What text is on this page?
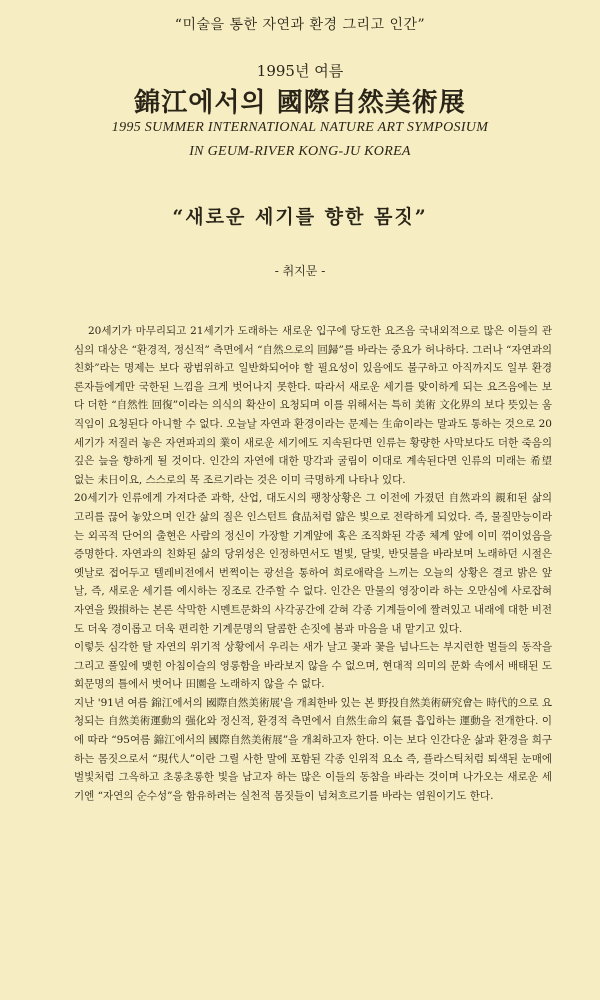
“미술을 통한 자연과 환경 그리고 인간”
1995년 여름
錦江에서의 國際自然美術展
1995 SUMMER INTERNATIONAL NATURE ART SYMPOSIUM
IN GEUM-RIVER KONG-JU KOREA
“새로운 세기를 향한 몸짓”
- 취지문 -

20세기가 마무리되고 21세기가 도래하는 새로운 입구에 당도한 요즈음 국내외적으로 많은 이들의 관심의 대상은 “환경적, 정신적” 측면에서 “自然으로의 回歸”를 바라는 중요가 허나하다. 그러나 “자연과의 친화”라는 명제는 보다 광범위하고 일반화되어야 할 필요성이 있음에도 불구하고 아직까지도 일부 환경론자들에게만 국한된 느낌을 크게 벗어나지 못한다. 따라서 새로운 세기를 맞이하게 되는 요즈음에는 보다 더한 “自然性 回復”이라는 의식의 확산이 요청되며 이를 위해서는 특히 美術 文化界의 보다 뜻있는 움직임이 요청된다 아니할 수 없다. 오늘날 자연과 환경이라는 문제는 生命이라는 말과도 통하는 것으로 20세기가 저질러 놓은 자연파괴의 業이 새로운 세기에도 지속된다면 인류는 황량한 사막보다도 더한 죽음의 깊은 늪을 향하게 될 것이다. 인간의 자연에 대한 망각과 굴림이 이대로 계속된다면 인류의 미래는 希望 없는 未日이요, 스스로의 목 조르기라는 것은 이미 극명하게 나타나 있다.

20세기가 인류에게 가져다준 과학, 산업, 대도시의 팽창상황은 그 이전에 가졌던 自然과의 親和된 삶의 고리를 끊어 놓았으며 인간 삶의 질은 인스턴트 食品처럼 얇은 빛으로 전락하게 되었다. 즉, 물질만능이라는 외곡적 단어의 출현은 사람의 정신이 가장할 기계앞에 혹은 조직화된 각종 체계 앞에 이미 꺾이었음을 증명한다. 자연과의 친화된 삶의 당위성은 인정하면서도 벌빛, 달빛, 반딧불을 바라보며 노래하던 시절은 옛날로 접어두고 텔레비전에서 번쩍이는 광선을 통하여 희로애락을 느끼는 오늘의 상황은 결코 밝은 앞날, 즉, 새로운 세기를 예시하는 징조로 간주할 수 없다. 인간은 만물의 영장이라 하는 오만심에 사로잡혀 자연을 毁損하는 본론 삭막한 시멘트문화의 사각공간에 갇혀 각종 기계들이에 짤려있고 내래에 대한 비전도 더욱 경이롭고 더욱 편리한 기계문명의 달콤한 손짓에 봄과 마음을 내 맡기고 있다.

이렇듯 심각한 탈 자연의 위기적 상황에서 우리는 새가 날고 꽃과 꽃을 넘나드는 부지런한 벌들의 동작을 그리고 풀잎에 맺힌 아침이슬의 영롱함을 바라보지 않을 수 없으며, 현대적 의미의 문화 속에서 배태된 도회문명의 틀에서 벗어나 田園을 노래하지 않을 수 없다.

지난 '91년 여름 錦江에서의 國際自然美術展'을 개최한바 있는 본 野投自然美術硏究會는 時代的으로 요청되는 自然美術運動의 强化와 정신적, 환경적 측면에서 自然生命의 氣를 흡입하는 運動을 전개한다. 이에 따라 “95여름 錦江에서의 國際自然美術展”을 개최하고자 한다. 이는 보다 인간다운 삶과 환경을 희구하는 몸짓으로서 “現代人”이란 그릴 사한 말에 포함된 각종 인위적 요소 즉, 플라스틱처럼 퇴색된 눈매에 벌빛처럼 그윽하고 초롱초롱한 빛을 남고자 하는 많은 이들의 동참을 바라는 것이며 나가오는 새로운 세기엔 “자연의 순수성”을 함유하려는 실천적 몸짓들이 넘쳐흐르기를 바라는 염원이기도 한다.
